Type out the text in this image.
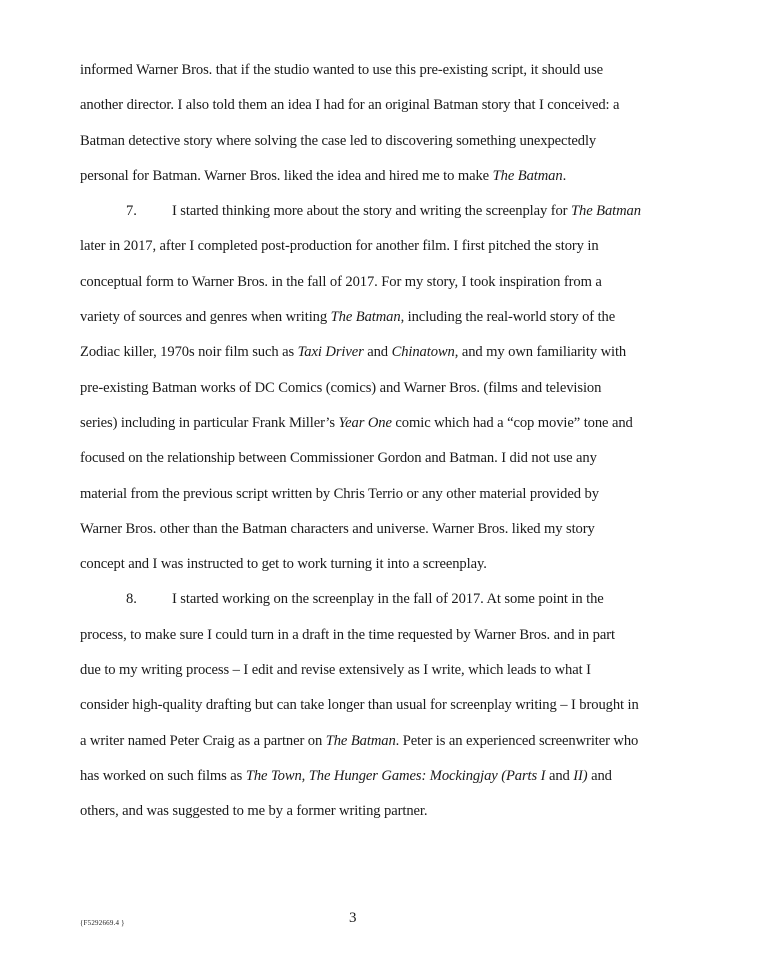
informed Warner Bros. that if the studio wanted to use this pre-existing script, it should use
another director. I also told them an idea I had for an original Batman story that I conceived: a
Batman detective story where solving the case led to discovering something unexpectedly
personal for Batman. Warner Bros. liked the idea and hired me to make The Batman.
7. I started thinking more about the story and writing the screenplay for The Batman
later in 2017, after I completed post-production for another film. I first pitched the story in
conceptual form to Warner Bros. in the fall of 2017. For my story, I took inspiration from a
variety of sources and genres when writing The Batman, including the real-world story of the
Zodiac killer, 1970s noir film such as Taxi Driver and Chinatown, and my own familiarity with
pre-existing Batman works of DC Comics (comics) and Warner Bros. (films and television
series) including in particular Frank Miller’s Year One comic which had a “cop movie” tone and
focused on the relationship between Commissioner Gordon and Batman. I did not use any
material from the previous script written by Chris Terrio or any other material provided by
Warner Bros. other than the Batman characters and universe. Warner Bros. liked my story
concept and I was instructed to get to work turning it into a screenplay.
8. I started working on the screenplay in the fall of 2017. At some point in the
process, to make sure I could turn in a draft in the time requested by Warner Bros. and in part
due to my writing process – I edit and revise extensively as I write, which leads to what I
consider high-quality drafting but can take longer than usual for screenplay writing – I brought in
a writer named Peter Craig as a partner on The Batman. Peter is an experienced screenwriter who
has worked on such films as The Town, The Hunger Games: Mockingjay (Parts I and II) and
others, and was suggested to me by a former writing partner.
{F5292669.4 }	3
